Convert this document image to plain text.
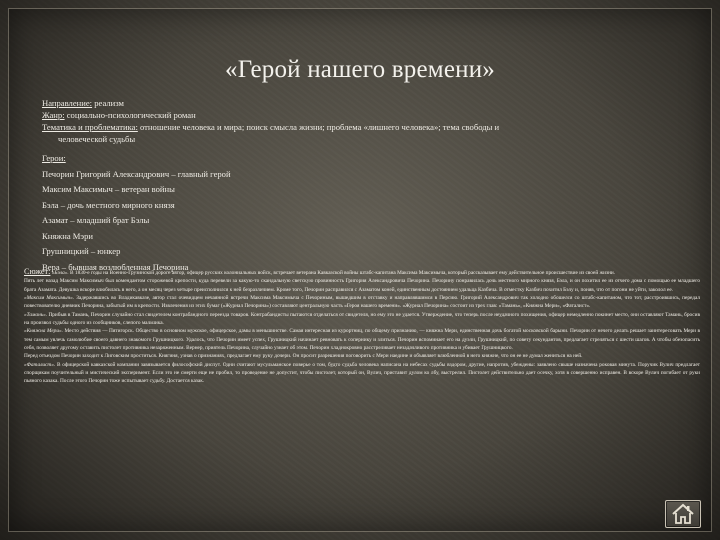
«Герой нашего времени»
Направление: реализм
Жанр: социально-психологический роман
Тематика и проблематика: отношение человека и мира; поиск смысла жизни; проблема «лишнего человека»; тема свободы и
человеческой судьбы
Герои:
Печорин Григорий Александрович – главный герой
Максим Максимыч – ветеран войны
Бэла – дочь местного мирного князя
Азамат – младший брат Бэлы
Княжна Мэри
Грушницкий – юнкер
Вера – бывшая возлюбленная Печорина

Сюжет: «Бэла». В 1830-е годы на Военно-Грузинской дороге автор, офицер русских колониальных войск, встречает ветерана Кавказской войны штабс-капитана Максима Максимыча, который рассказывает ему действительное происшествие из своей жизни.

Пять лет назад Максим Максимыч был комендантом сторожевой крепости, куда перевели за какую-то скандальную светскую провинность Григория Александровича Печорина. Печорину понравилась дочь местного мирного князя, Бэла, и он похитил ее из отчего дома с помощью ее младшего брата Азамата. Девушка вскоре влюбилась в него, а он месяц через четыре преисполнился к ней безразличием. Кроме того, Печорин расправился с Азаматом коней, единственным достоянием удальца Казбича. В отместку Казбич похитил Бэлу и, поняв, что от погони не уйти, заколол ее.

«Максим Максимыч». Задержавшись во Владикавказе, автор стал очевидцем нечаянной встречи Максима Максимыча с Печориным, вышедшим в отставку и направлявшимся в Персию. Григорий Александрович так холодно обошелся со штабс-капитаном, что тот, расстроившись, передал повествователю дневник Печорина, забытый им в крепости. Извлечения из этих бумаг («Журнал Печорина») составляют центральную часть «Героя нашего времени». «Журнал Печорина» состоит из трех глав: «Тамань», «Княжна Мери», «Фаталист».

«Тамань». Прибыв в Тамань, Печорин случайно стал свидетелем контрабандного переезда товаров. Контрабандисты пытаются отделаться от свидетеля, но ему это не удается. Утверждение, что теперь после неудачного похищения, офицер немедленно покинет место, они оставляют Тамань, бросив на произвол судьбы одного из сообщников, слепого мальчика.

«Княжна Мери». Место действия — Пятигорск. Общество в основном мужское, офицерское, дамы в меньшинстве. Самая интересная из курортниц, по общему признанию, — княжна Мери, единственная дочь богатой московской барыни. Печорин от нечего делать решает заинтересовать Мери в тем самым увлечь самолюбие своего давнего знакомого Грушницкого. Удалось, что Печорин имеет успех, Грушницкий начинает ревновать к сопернику и злиться. Печорин вспоминает его на дуэли, Грушницкий, по совету секундантов, предлагает стреляться с шести шагов. А чтобы обезопасить себя, позволяет другому оставить пистолет противника незаряженным. Вернер, приятель Печорина, случайно узнает об этом. Печорин хладнокровно расстреливает незадачливого противника и убивает Грушницкого.

Перед отъездом Печорин заходит к Лиговским проститься. Княгиня, узнав о признаниях, предлагает ему руку дочери. Он просит разрешения поговорить с Мери наедине и объявляет влюбленной в него княжне, что он ее не думал жениться на ней.

«Фаталист». В офицерской кавказской компании завязывается философский диспут. Одни считают мусульманское поверье о том, будто судьба человека написана на небесах судьбы вздором, другие, напротив, убеждены: заявлено свыше назначена роковая минута. Поручик Вулич предлагает спорщикам поучительный и мистический эксперимент. Если это не смерти еще не пробил, то проведение не допустит, чтобы пистолет, который он, Вулич, приставит дулом ко лбу, выстрелил. Пистолет действительно дает осечку, хотя в совершенно исправен. В вскоре Вулич погибает от руки пьяного казака. После этого Печорин тоже испытывает судьбу. Достается казак.
